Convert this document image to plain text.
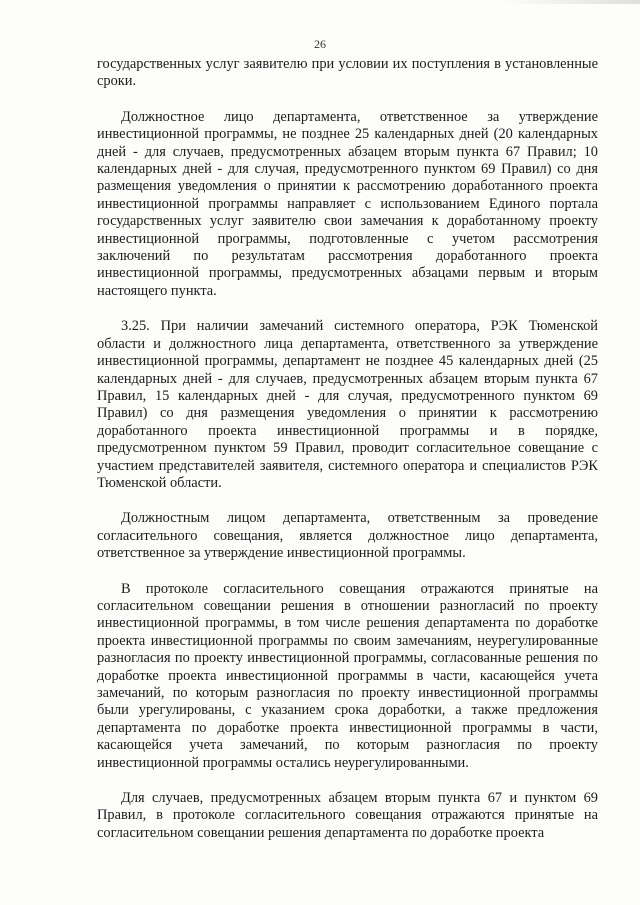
26

государственных услуг заявителю при условии их поступления в установленные сроки.

Должностное лицо департамента, ответственное за утверждение инвестиционной программы, не позднее 25 календарных дней (20 календарных дней - для случаев, предусмотренных абзацем вторым пункта 67 Правил; 10 календарных дней - для случая, предусмотренного пунктом 69 Правил) со дня размещения уведомления о принятии к рассмотрению доработанного проекта инвестиционной программы направляет с использованием Единого портала государственных услуг заявителю свои замечания к доработанному проекту инвестиционной программы, подготовленные с учетом рассмотрения заключений по результатам рассмотрения доработанного проекта инвестиционной программы, предусмотренных абзацами первым и вторым настоящего пункта.

3.25. При наличии замечаний системного оператора, РЭК Тюменской области и должностного лица департамента, ответственного за утверждение инвестиционной программы, департамент не позднее 45 календарных дней (25 календарных дней - для случаев, предусмотренных абзацем вторым пункта 67 Правил, 15 календарных дней - для случая, предусмотренного пунктом 69 Правил) со дня размещения уведомления о принятии к рассмотрению доработанного проекта инвестиционной программы и в порядке, предусмотренном пунктом 59 Правил, проводит согласительное совещание с участием представителей заявителя, системного оператора и специалистов РЭК Тюменской области.

Должностным лицом департамента, ответственным за проведение согласительного совещания, является должностное лицо департамента, ответственное за утверждение инвестиционной программы.

В протоколе согласительного совещания отражаются принятые на согласительном совещании решения в отношении разногласий по проекту инвестиционной программы, в том числе решения департамента по доработке проекта инвестиционной программы по своим замечаниям, неурегулированные разногласия по проекту инвестиционной программы, согласованные решения по доработке проекта инвестиционной программы в части, касающейся учета замечаний, по которым разногласия по проекту инвестиционной программы были урегулированы, с указанием срока доработки, а также предложения департамента по доработке проекта инвестиционной программы в части, касающейся учета замечаний, по которым разногласия по проекту инвестиционной программы остались неурегулированными.

Для случаев, предусмотренных абзацем вторым пункта 67 и пунктом 69 Правил, в протоколе согласительного совещания отражаются принятые на согласительном совещании решения департамента по доработке проекта
